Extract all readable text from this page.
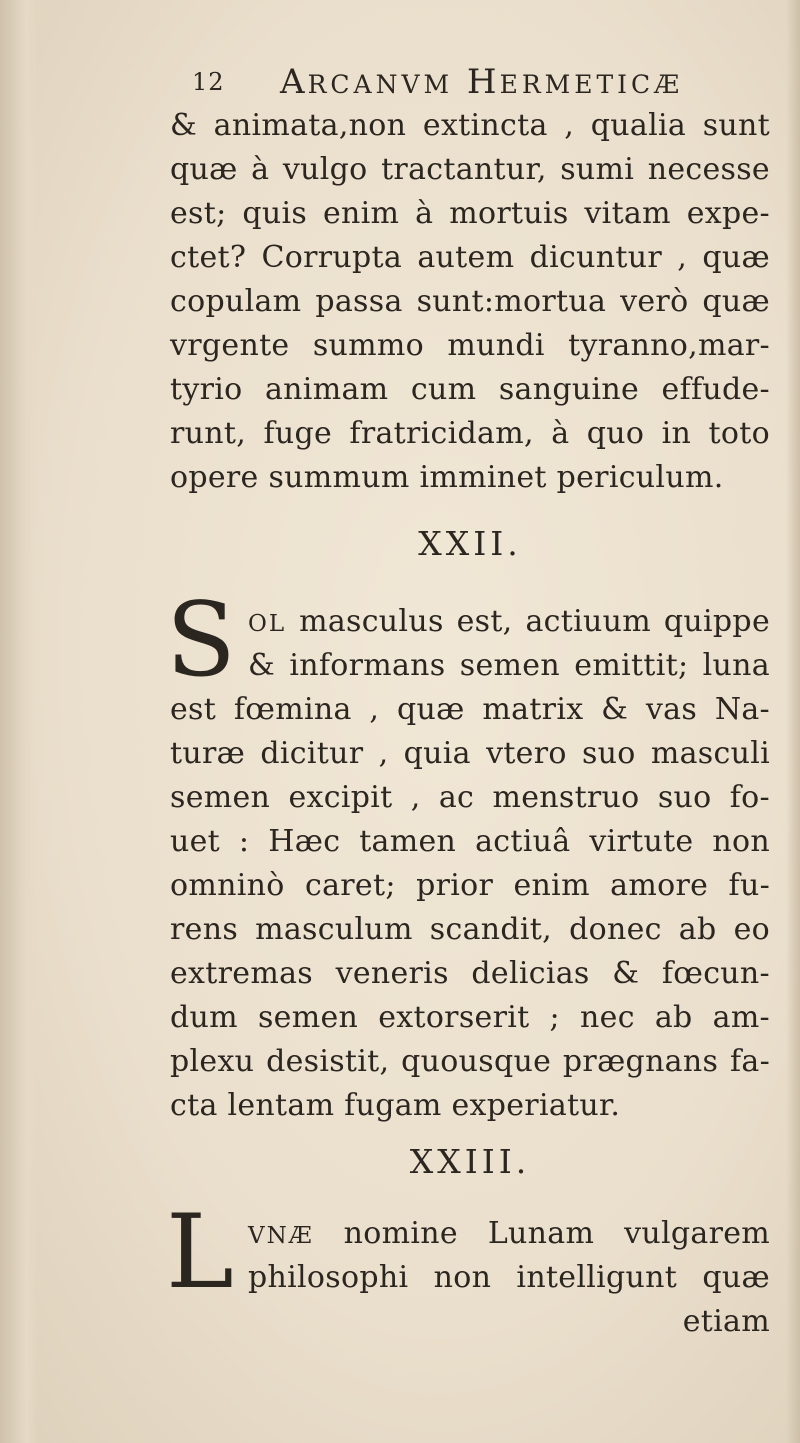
12 ARCANVM HERMETICÆ
& animata,non extincta , qualia sunt
quæ à vulgo tractantur, sumi necesse
est; quis enim à mortuis vitam expe-
ctet? Corrupta autem dicuntur , quæ
copulam passa sunt:mortua verò quæ
vrgente summo mundi tyranno,mar-
tyrio animam cum sanguine effude-
runt, fuge fratricidam, à quo in toto
opere summum imminet periculum.
XXII.
S OL masculus est, actiuum quippe
& informans semen emittit; luna
est fœmina , quæ matrix & vas Na-
turæ dicitur , quia vtero suo masculi
semen excipit , ac menstruo suo fo-
uet : Hæc tamen actiuâ virtute non
omninò caret; prior enim amore fu-
rens masculum scandit, donec ab eo
extremas veneris delicias & fœcun-
dum semen extorserit ; nec ab am-
plexu desistit, quousque prægnans fa-
cta lentam fugam experiatur.
XXIII.
L VNÆ nomine Lunam vulgarem
philosophi non intelligunt quæ
etiam
